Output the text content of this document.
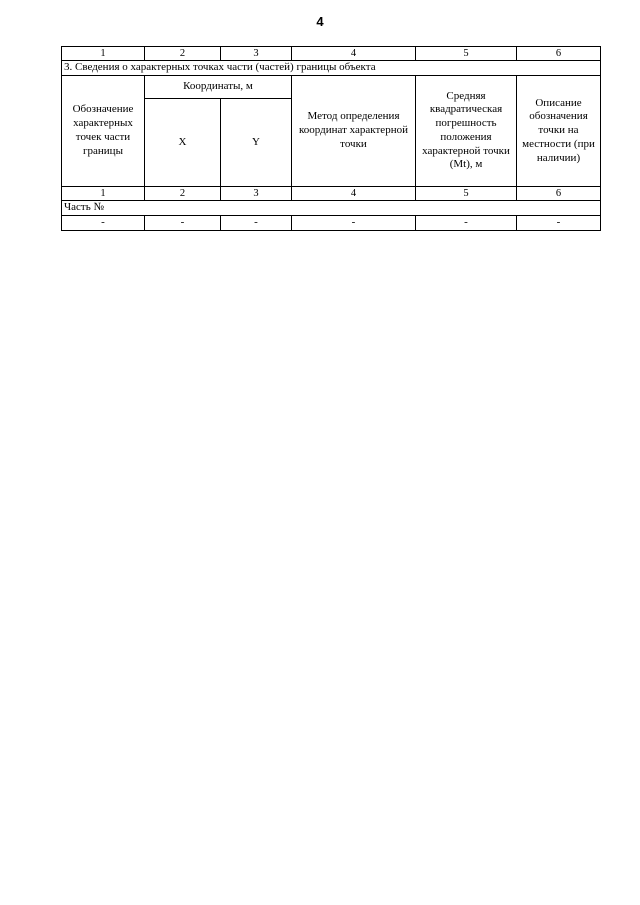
4
1	2	3	4	5	6
3. Сведения о характерных точках части (частей) границы объекта					
Обозначение характерных точек части границы	Координаты, м		Метод определения координат характерной точки	Средняя квадратическая погрешность положения характерной точки (Mt), м	Описание обозначения точки на местности (при наличии)
	X	Y			
1	2	3	4	5	6
Часть №					
-	-	-	-	-	-
